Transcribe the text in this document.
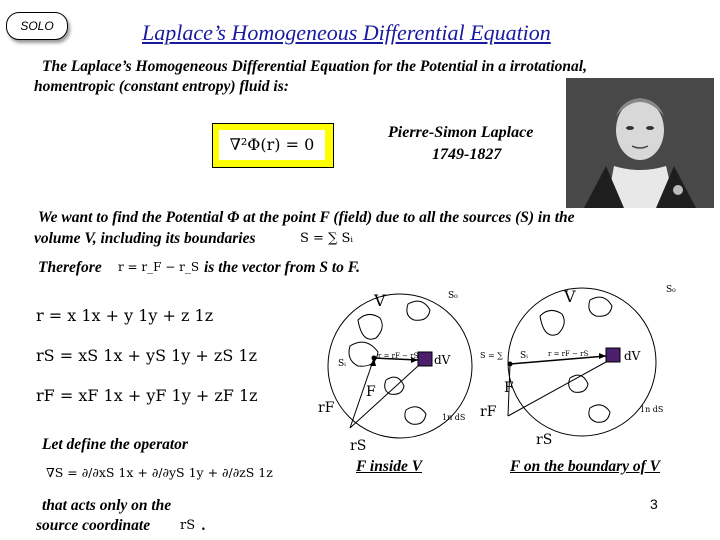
SOLO	Laplace’s Homogeneous Differential Equation
The Laplace’s Homogeneous Differential Equation for the Potential in a irrotational,
homentropic (constant entropy) fluid is:
∇²Φ(r) = 0
Pierre-Simon Laplace
1749-1827
We want to find the Potential Φ at the point F (field) due to all the sources (S) in the
volume V, including its boundaries	S = ∑ Sᵢ
Therefore r = r_F − r_S is the vector from S to F.
r = x 1x + y 1y + z 1z
rS = xS 1x + yS 1y + zS 1z
rF = xF 1x + yF 1y + zF 1z
Let define the operator
∇S = ∂/∂xS 1x + ∂/∂yS 1y + ∂/∂zS 1z
that acts only on the
source coordinate rS .
V	S₀
Sᵢ
F
dV
r = rF − rS
rF
rS
1n dS
V	S₀
S = ∑ Sᵢ
F
dV
r = rF − rS
rF
rS
1n dS
F inside V	F on the boundary of V
3
